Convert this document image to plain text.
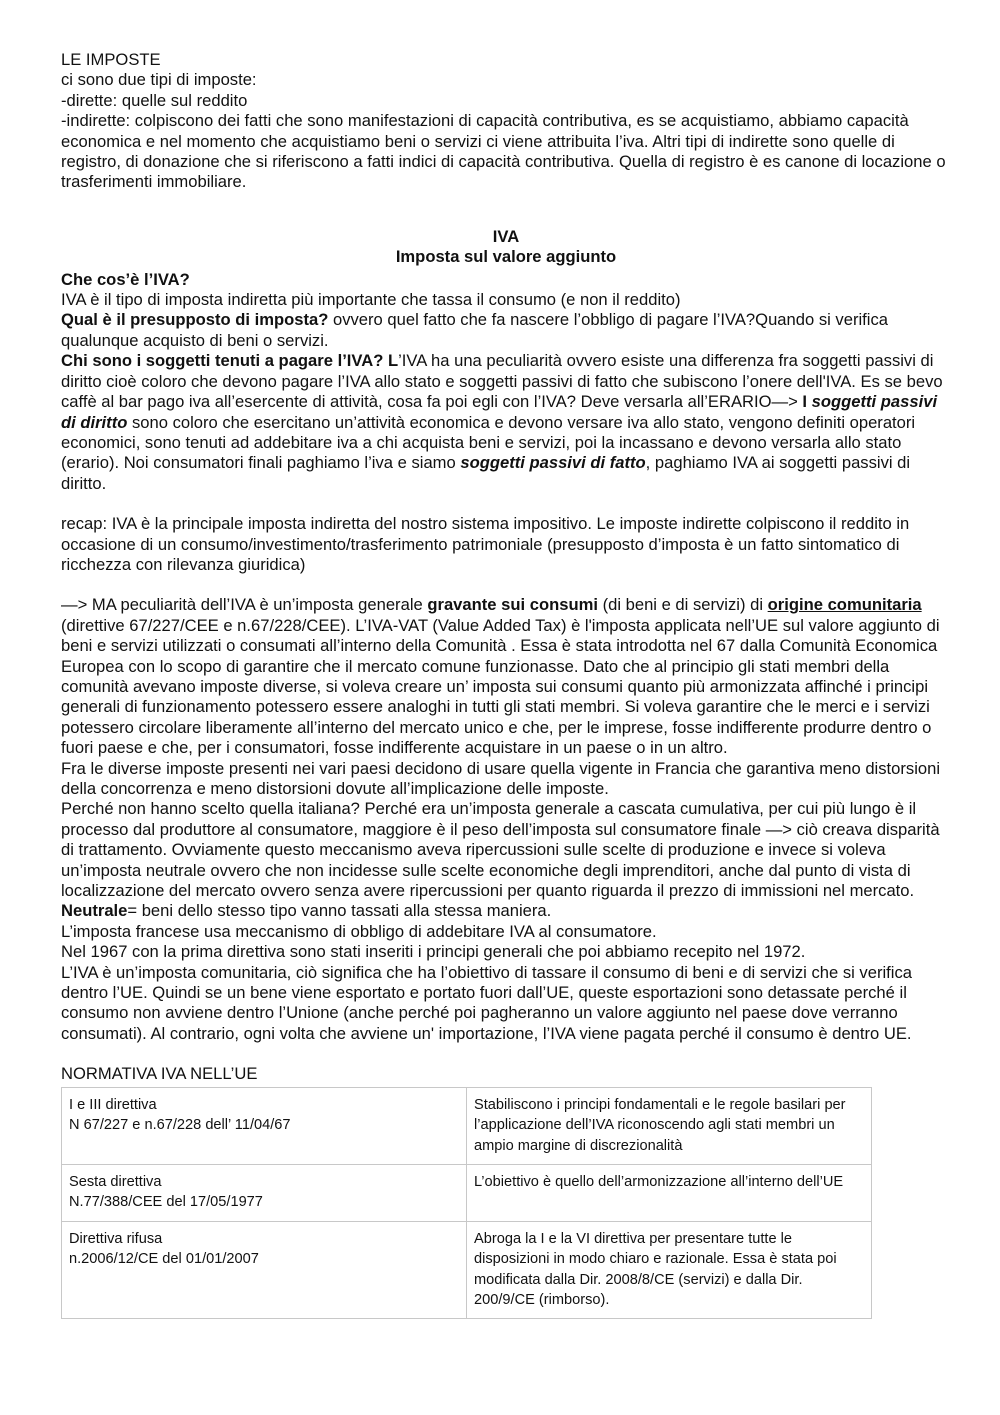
LE IMPOSTE

ci sono due tipi di imposte:

-dirette: quelle sul reddito

-indirette: colpiscono dei fatti che sono manifestazioni di capacità contributiva, es se acquistiamo, abbiamo capacità economica e nel momento che acquistiamo beni o servizi ci viene attribuita l’iva. Altri tipi di indirette sono quelle di registro, di donazione che si riferiscono a fatti indici di capacità contributiva. Quella di registro è es canone di locazione o trasferimenti immobiliare.

IVA

Imposta sul valore aggiunto

Che cos’è l’IVA?

IVA è il tipo di imposta indiretta più importante che tassa il consumo (e non il reddito)

Qual è il presupposto di imposta? ovvero quel fatto che fa nascere l’obbligo di pagare l’IVA?Quando si verifica qualunque acquisto di beni o servizi.

Chi sono i soggetti tenuti a pagare l’IVA? L’IVA ha una peculiarità ovvero esiste una differenza fra soggetti passivi di diritto cioè coloro che devono pagare l’IVA allo stato e soggetti passivi di fatto che subiscono l’onere dell'IVA. Es se bevo caffè al bar pago iva all’esercente di attività, cosa fa poi egli con l’IVA? Deve versarla all’ERARIO—> I soggetti passivi di diritto sono coloro che esercitano un’attività economica e devono versare iva allo stato, vengono definiti operatori economici, sono tenuti ad addebitare iva a chi acquista beni e servizi, poi la incassano e devono versarla allo stato (erario). Noi consumatori finali paghiamo l’iva e siamo soggetti passivi di fatto, paghiamo IVA ai soggetti passivi di diritto.

recap: IVA è la principale imposta indiretta del nostro sistema impositivo. Le imposte indirette colpiscono il reddito in occasione di un consumo/investimento/trasferimento patrimoniale (presupposto d’imposta è un fatto sintomatico di ricchezza con rilevanza giuridica)

—> MA peculiarità dell’IVA è un’imposta generale gravante sui consumi (di beni e di servizi) di origine comunitaria (direttive 67/227/CEE e n.67/228/CEE). L’IVA-VAT (Value Added Tax) è l'imposta applicata nell’UE sul valore aggiunto di beni e servizi utilizzati o consumati all’interno della Comunità . Essa è stata introdotta nel 67 dalla Comunità Economica Europea con lo scopo di garantire che il mercato comune funzionasse. Dato che al principio gli stati membri della comunità avevano imposte diverse, si voleva creare un’ imposta sui consumi quanto più armonizzata affinché i principi generali di funzionamento potessero essere analoghi in tutti gli stati membri. Si voleva garantire che le merci e i servizi potessero circolare liberamente all’interno del mercato unico e che, per le imprese, fosse indifferente produrre dentro o fuori paese e che, per i consumatori, fosse indifferente acquistare in un paese o in un altro.

Fra le diverse imposte presenti nei vari paesi decidono di usare quella vigente in Francia che garantiva meno distorsioni della concorrenza e meno distorsioni dovute all’implicazione delle imposte.

Perché non hanno scelto quella italiana? Perché era un’imposta generale a cascata cumulativa, per cui più lungo è il processo dal produttore al consumatore, maggiore è il peso dell’imposta sul consumatore finale —> ciò creava disparità di trattamento. Ovviamente questo meccanismo aveva ripercussioni sulle scelte di produzione e invece si voleva un’imposta neutrale ovvero che non incidesse sulle scelte economiche degli imprenditori, anche dal punto di vista di localizzazione del mercato ovvero senza avere ripercussioni per quanto riguarda il prezzo di immissioni nel mercato.

Neutrale= beni dello stesso tipo vanno tassati alla stessa maniera.

L’imposta francese usa meccanismo di obbligo di addebitare IVA al consumatore.

Nel 1967 con la prima direttiva sono stati inseriti i principi generali che poi abbiamo recepito nel 1972.

L’IVA è un’imposta comunitaria, ciò significa che ha l’obiettivo di tassare il consumo di beni e di servizi che si verifica dentro l’UE. Quindi se un bene viene esportato e portato fuori dall’UE, queste esportazioni sono detassate perché il consumo non avviene dentro l’Unione (anche perché poi pagheranno un valore aggiunto nel paese dove verranno consumati). Al contrario, ogni volta che avviene un' importazione, l’IVA viene pagata perché il consumo è dentro UE.

NORMATIVA IVA NELL’UE

I e III direttiva
N 67/227 e n.67/228 dell’ 11/04/67	Stabiliscono i principi fondamentali e le regole basilari per l’applicazione dell’IVA riconoscendo agli stati membri un ampio margine di discrezionalità

Sesta direttiva
N.77/388/CEE del 17/05/1977	L’obiettivo è quello dell’armonizzazione all’interno dell’UE

Direttiva rifusa
n.2006/12/CE del 01/01/2007	Abroga la I e la VI direttiva per presentare tutte le disposizioni in modo chiaro e razionale. Essa è stata poi modificata dalla Dir. 2008/8/CE (servizi) e dalla Dir. 200/9/CE (rimborso).
